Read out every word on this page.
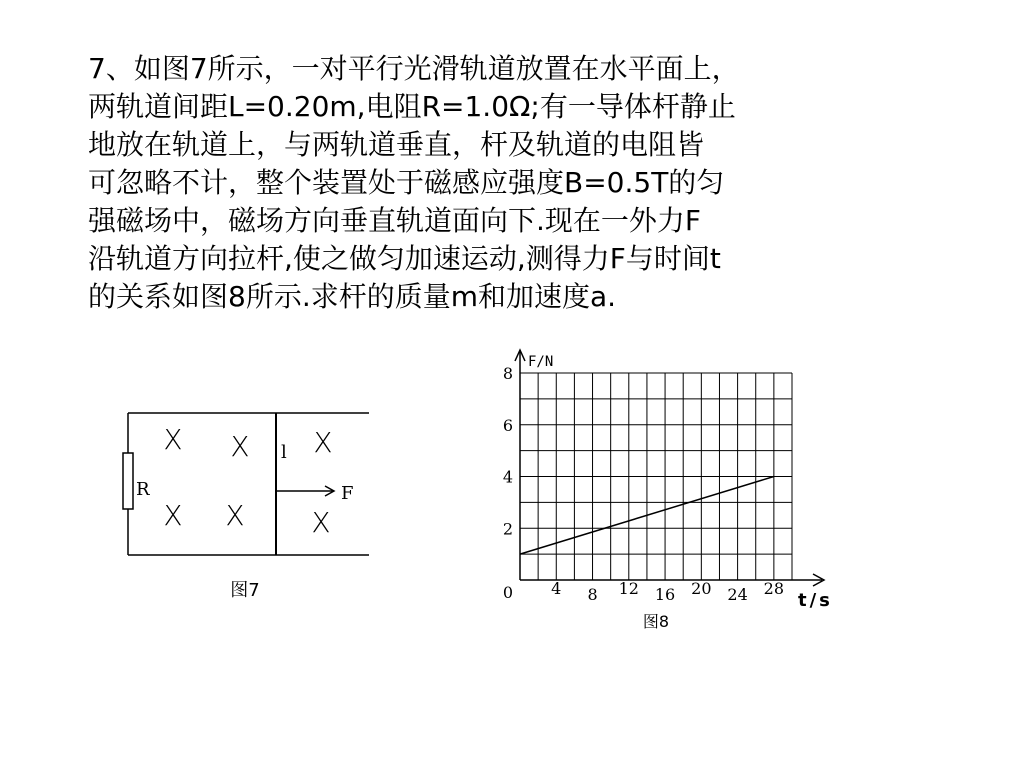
7、如图7所示，一对平行光滑轨道放置在水平面上，
两轨道间距L=0.20m,电阻R=1.0Ω;有一导体杆静止
地放在轨道上，与两轨道垂直，杆及轨道的电阻皆
可忽略不计，整个装置处于磁感应强度B=0.5T的匀
强磁场中，磁场方向垂直轨道面向下.现在一外力F
沿轨道方向拉杆,使之做匀加速运动,测得力F与时间t
的关系如图8所示.求杆的质量m和加速度a.
R
l
F
X X X
X X X
图7
2
4
6
8
0 4 8 12 16 20 24 28
F/N
t/s
图8
